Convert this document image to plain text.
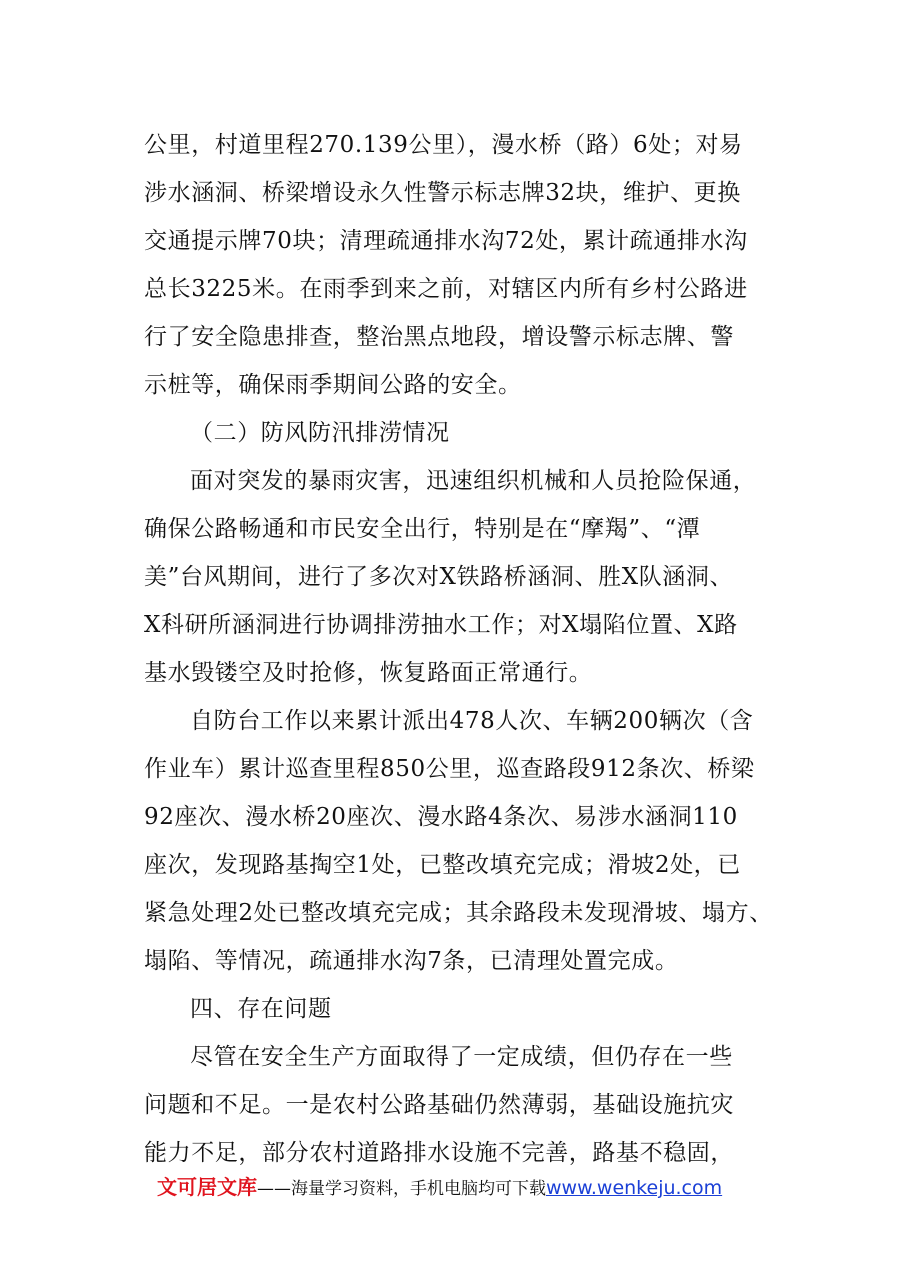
公里，村道里程270.139公里），漫水桥（路）6处；对易
涉水涵洞、桥梁增设永久性警示标志牌32块，维护、更换
交通提示牌70块；清理疏通排水沟72处，累计疏通排水沟
总长3225米。在雨季到来之前，对辖区内所有乡村公路进
行了安全隐患排查，整治黑点地段，增设警示标志牌、警
示桩等，确保雨季期间公路的安全。
（二）防风防汛排涝情况
面对突发的暴雨灾害，迅速组织机械和人员抢险保通，
确保公路畅通和市民安全出行，特别是在“摩羯”、“潭
美”台风期间，进行了多次对X铁路桥涵洞、胜X队涵洞、
X科研所涵洞进行协调排涝抽水工作；对X塌陷位置、X路
基水毁镂空及时抢修，恢复路面正常通行。
自防台工作以来累计派出478人次、车辆200辆次（含
作业车）累计巡查里程850公里，巡查路段912条次、桥梁
92座次、漫水桥20座次、漫水路4条次、易涉水涵洞110
座次，发现路基掏空1处，已整改填充完成；滑坡2处，已
紧急处理2处已整改填充完成；其余路段未发现滑坡、塌方、
塌陷、等情况，疏通排水沟7条，已清理处置完成。
四、存在问题
尽管在安全生产方面取得了一定成绩，但仍存在一些
问题和不足。一是农村公路基础仍然薄弱，基础设施抗灾
能力不足，部分农村道路排水设施不完善，路基不稳固，
文可居文库——海量学习资料，手机电脑均可下载www.wenkeju.com
